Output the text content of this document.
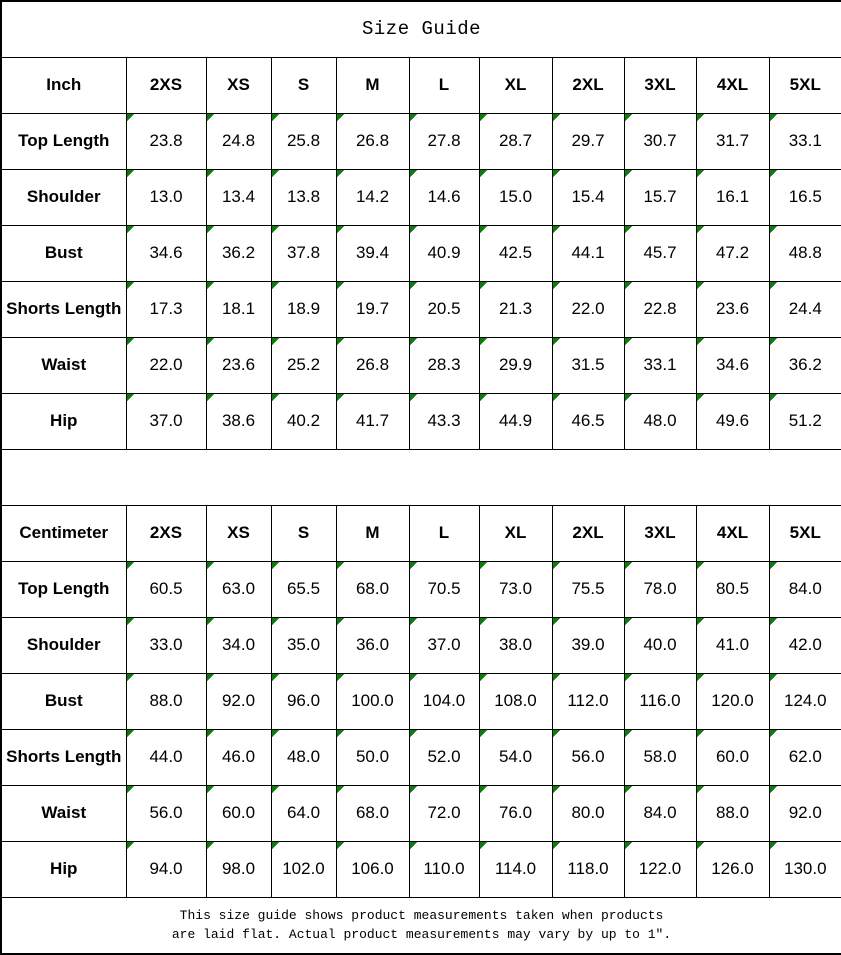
Size Guide										
Inch	2XS	XS	S	M	L	XL	2XL	3XL	4XL	5XL
Top Length	23.8	24.8	25.8	26.8	27.8	28.7	29.7	30.7	31.7	33.1
Shoulder	13.0	13.4	13.8	14.2	14.6	15.0	15.4	15.7	16.1	16.5
Bust	34.6	36.2	37.8	39.4	40.9	42.5	44.1	45.7	47.2	48.8
Shorts Length	17.3	18.1	18.9	19.7	20.5	21.3	22.0	22.8	23.6	24.4
Waist	22.0	23.6	25.2	26.8	28.3	29.9	31.5	33.1	34.6	36.2
Hip	37.0	38.6	40.2	41.7	43.3	44.9	46.5	48.0	49.6	51.2

Centimeter	2XS	XS	S	M	L	XL	2XL	3XL	4XL	5XL
Top Length	60.5	63.0	65.5	68.0	70.5	73.0	75.5	78.0	80.5	84.0
Shoulder	33.0	34.0	35.0	36.0	37.0	38.0	39.0	40.0	41.0	42.0
Bust	88.0	92.0	96.0	100.0	104.0	108.0	112.0	116.0	120.0	124.0
Shorts Length	44.0	46.0	48.0	50.0	52.0	54.0	56.0	58.0	60.0	62.0
Waist	56.0	60.0	64.0	68.0	72.0	76.0	80.0	84.0	88.0	92.0
Hip	94.0	98.0	102.0	106.0	110.0	114.0	118.0	122.0	126.0	130.0

This size guide shows product measurements taken when products
are laid flat. Actual product measurements may vary by up to 1″.										
